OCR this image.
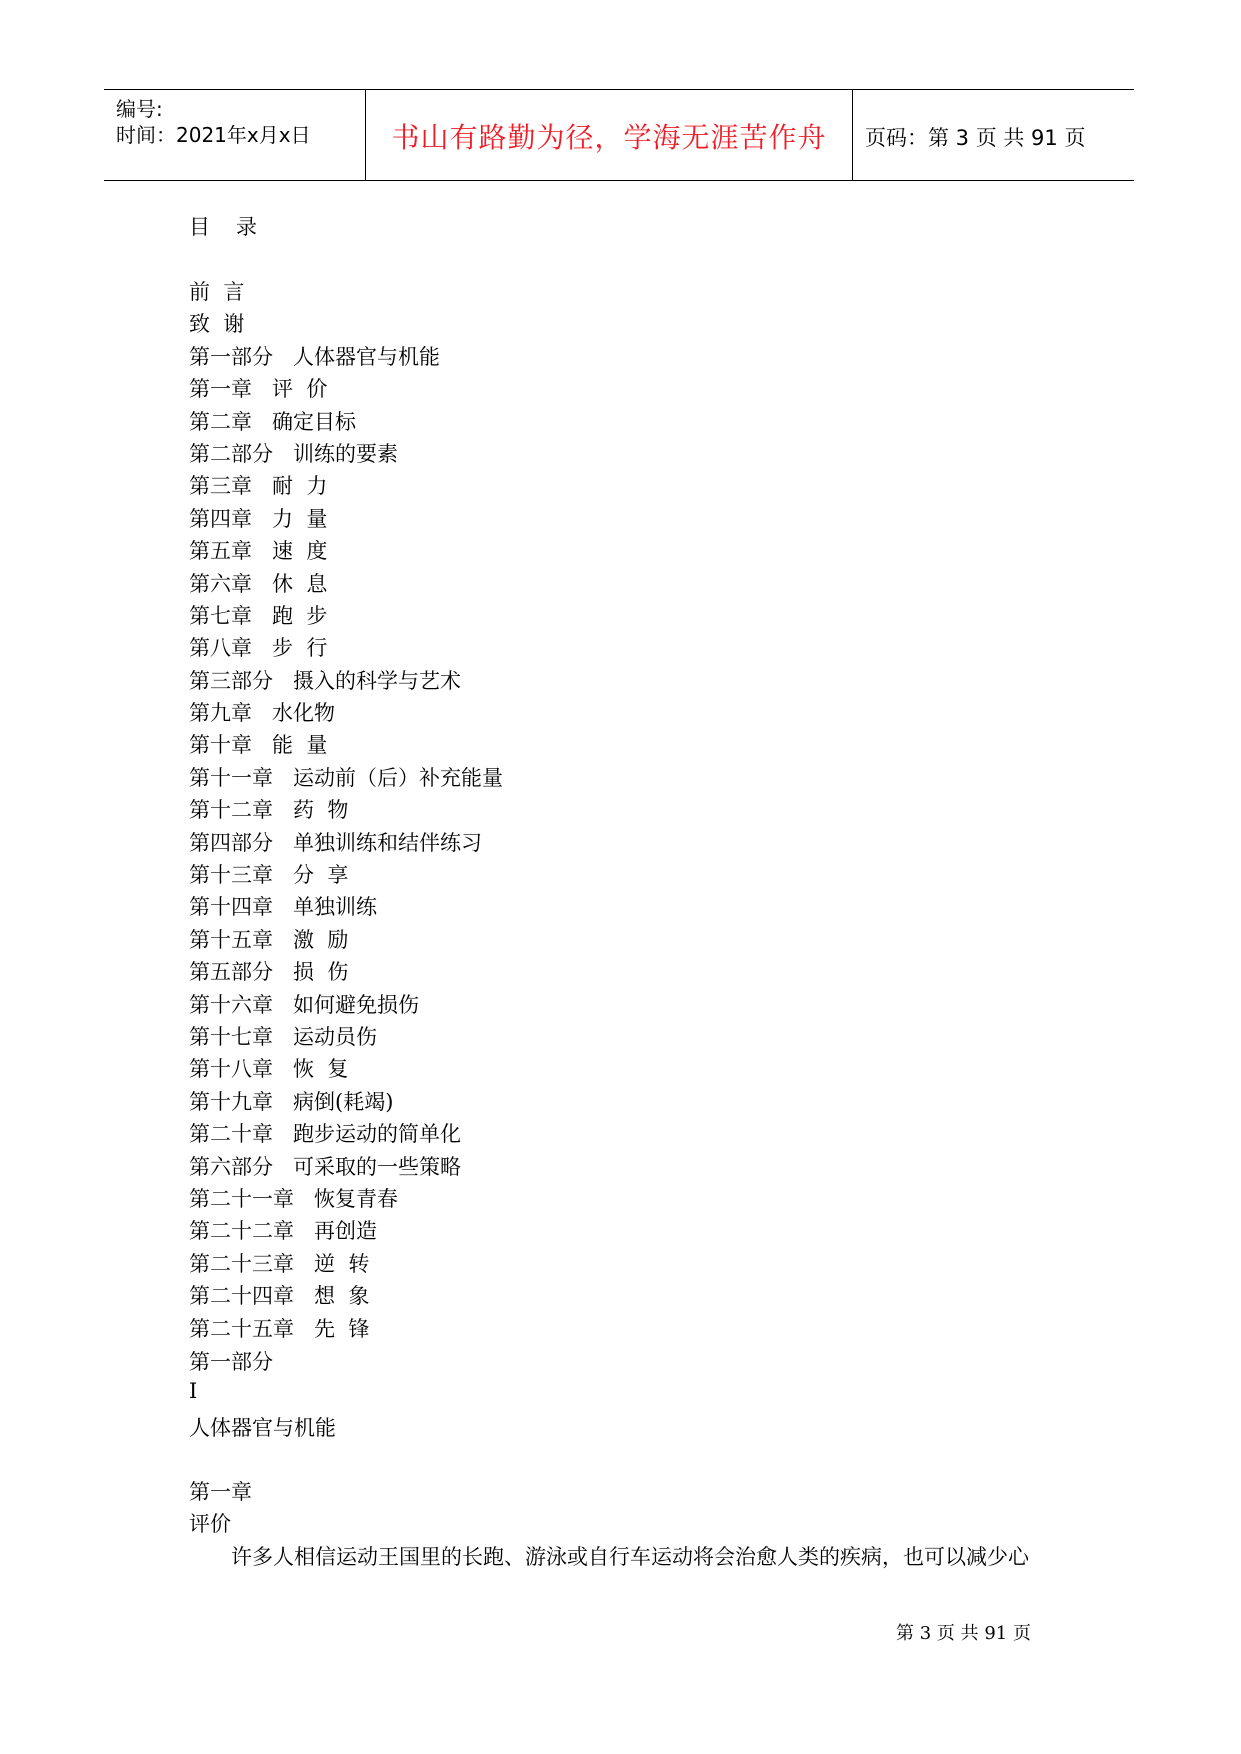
编号:
时间：2021年x月x日	书山有路勤为径，学海无涯苦作舟	页码：第 3 页 共 91 页
目录
前  言
致  谢
第一部分   人体器官与机能
第一章   评  价
第二章   确定目标
第二部分   训练的要素
第三章   耐  力
第四章   力  量
第五章   速  度
第六章   休  息
第七章   跑  步
第八章   步  行
第三部分   摄入的科学与艺术
第九章   水化物
第十章   能  量
第十一章   运动前（后）补充能量
第十二章   药  物
第四部分   单独训练和结伴练习
第十三章   分  享
第十四章   单独训练
第十五章   激  励
第五部分   损  伤
第十六章   如何避免损伤
第十七章   运动员伤
第十八章   恢  复
第十九章   病倒(耗竭)
第二十章   跑步运动的简单化
第六部分   可采取的一些策略
第二十一章   恢复青春
第二十二章   再创造
第二十三章   逆  转
第二十四章   想  象
第二十五章   先  锋
第一部分
I
人体器官与机能
第一章
评价
许多人相信运动王国里的长跑、游泳或自行车运动将会治愈人类的疾病，也可以减少心
第 3 页 共 91 页
